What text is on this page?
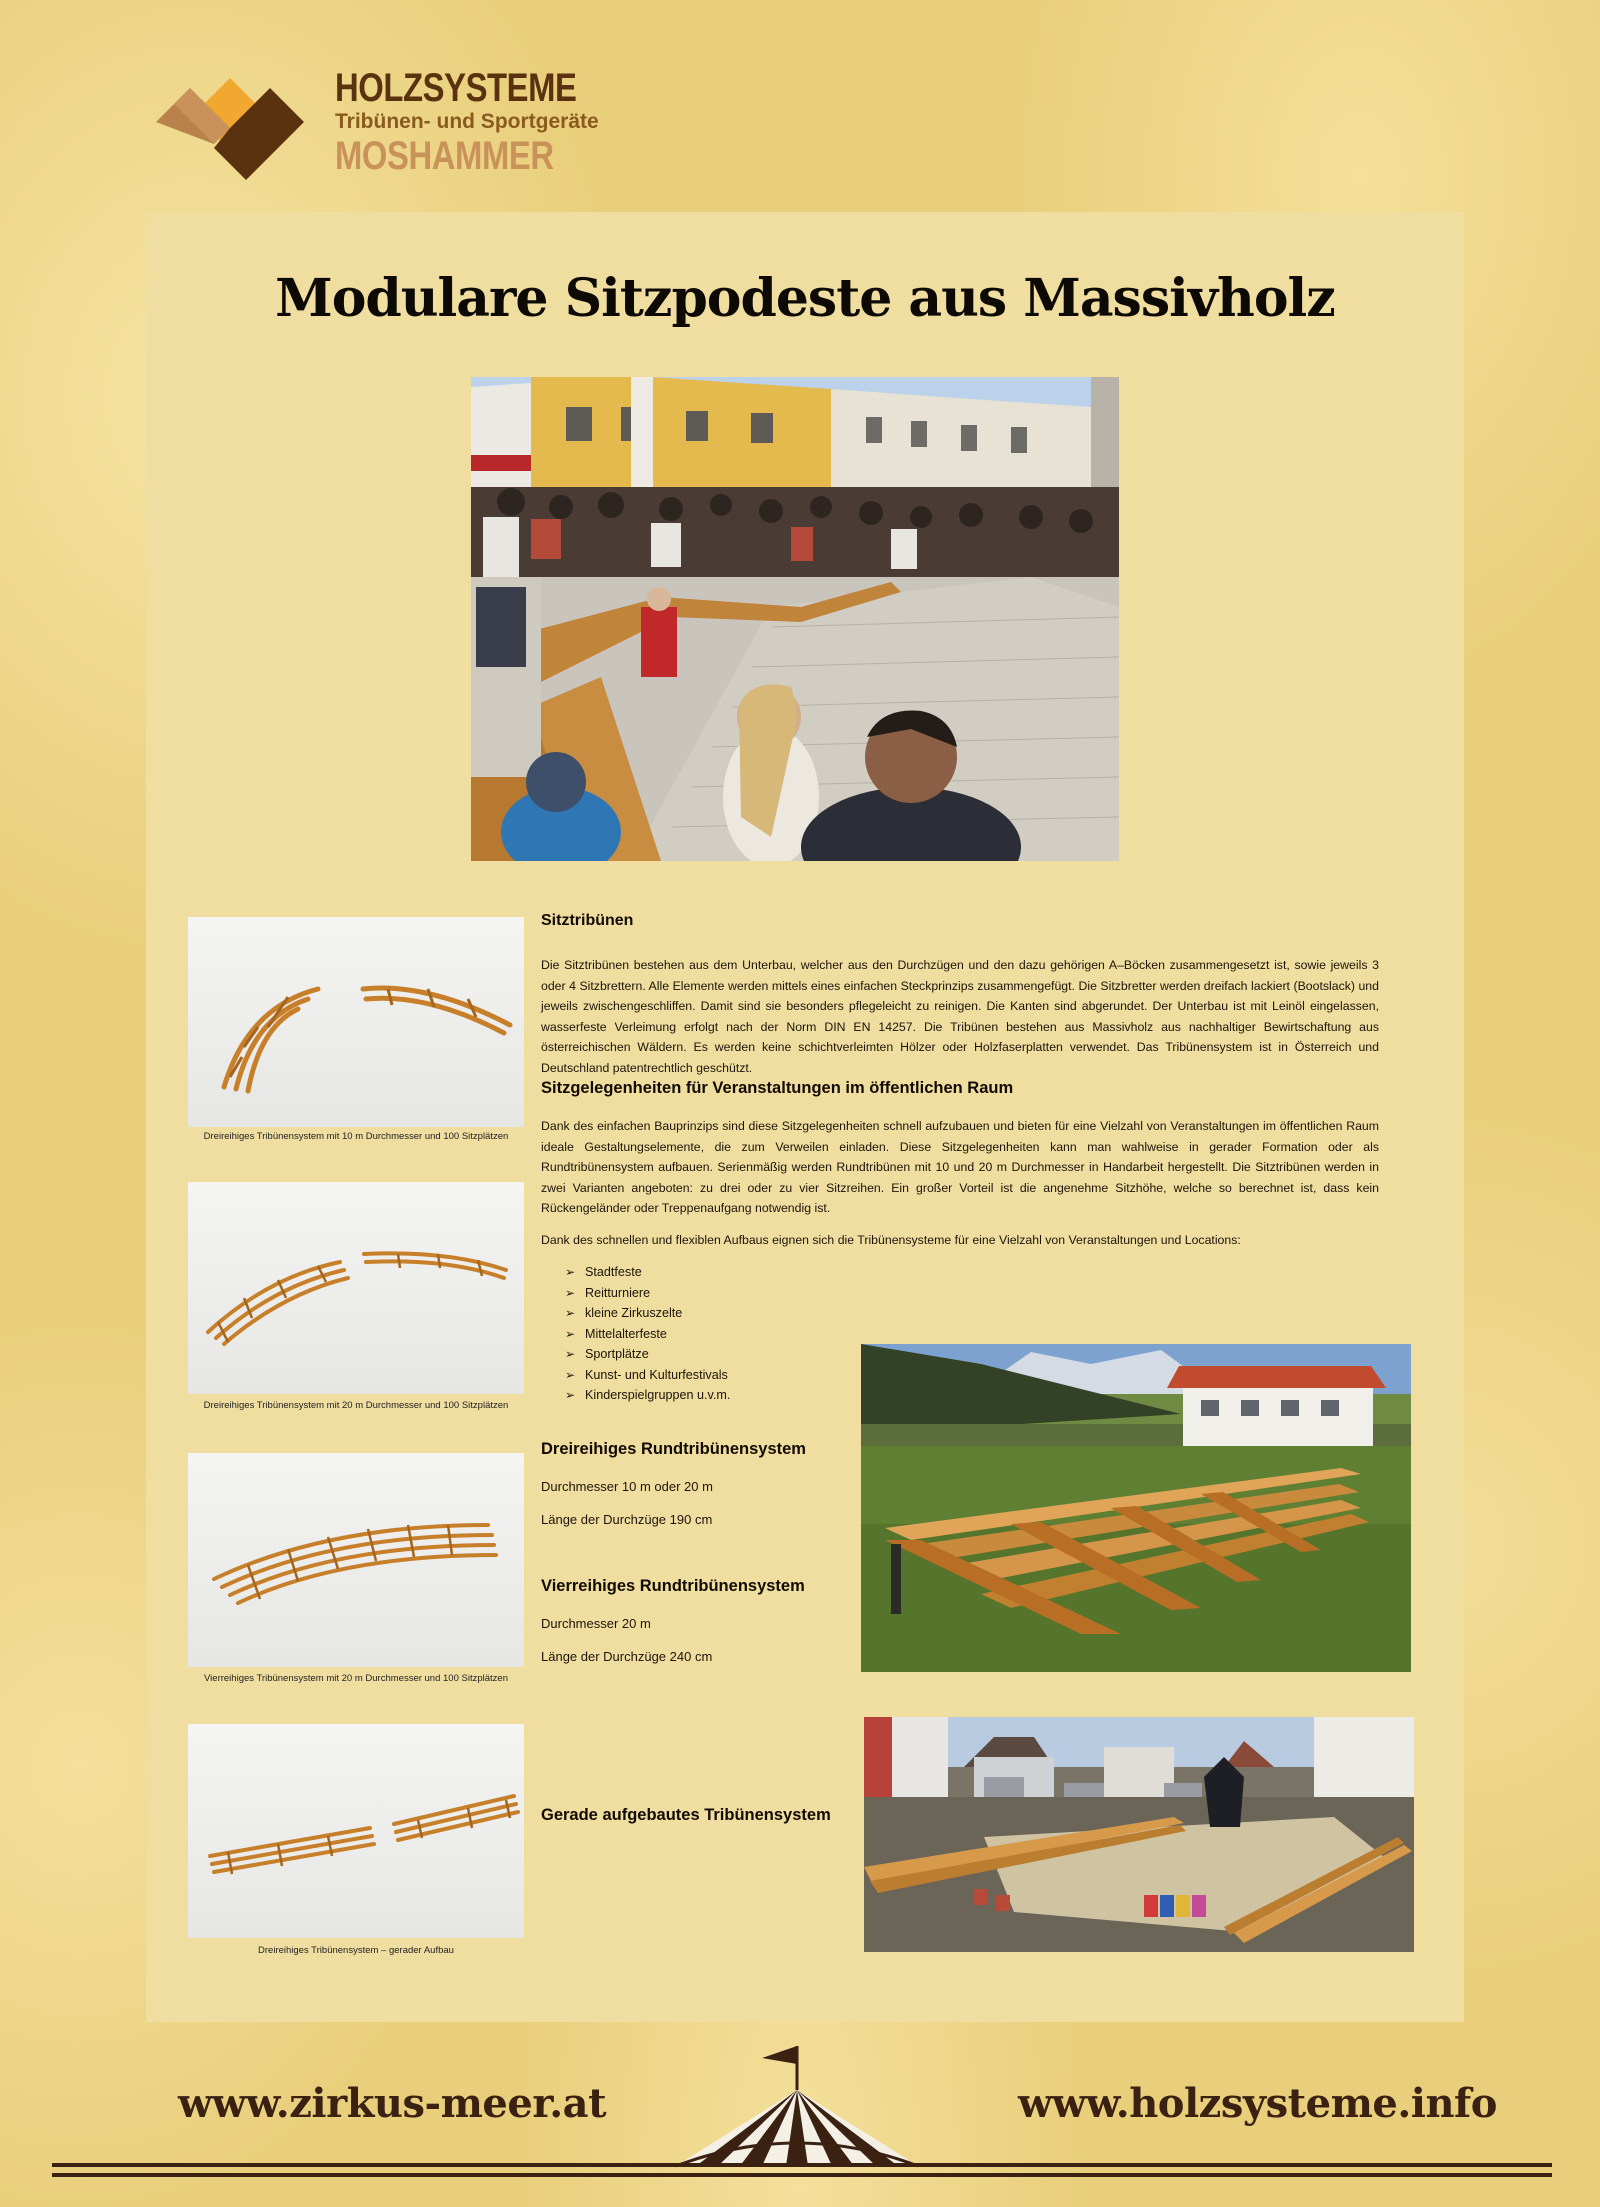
HOLZSYSTEME
Tribünen- und Sportgeräte
MOSHAMMER
Modulare Sitzpodeste aus Massivholz
Dreireihiges Tribünensystem mit 10 m Durchmesser und 100 Sitzplätzen
Dreireihiges Tribünensystem mit 20 m Durchmesser und 100 Sitzplätzen
Vierreihiges Tribünensystem mit 20 m Durchmesser und 100 Sitzplätzen
Dreireihiges Tribünensystem – gerader Aufbau
Sitztribünen
Die Sitztribünen bestehen aus dem Unterbau, welcher aus den Durchzügen und den dazu gehörigen A–Böcken zusammengesetzt ist, sowie jeweils 3 oder 4 Sitzbrettern. Alle Elemente werden mittels eines einfachen Steckprinzips zusammengefügt. Die Sitzbretter werden dreifach lackiert (Bootslack) und jeweils zwischengeschliffen. Damit sind sie besonders pflegeleicht zu reinigen. Die Kanten sind abgerundet. Der Unterbau ist mit Leinöl eingelassen, wasserfeste Verleimung erfolgt nach der Norm DIN EN 14257. Die Tribünen bestehen aus Massivholz aus nachhaltiger Bewirtschaftung aus österreichischen Wäldern. Es werden keine schichtverleimten Hölzer oder Holzfaserplatten verwendet. Das Tribünensystem ist in Österreich und Deutschland patentrechtlich geschützt.
Sitzgelegenheiten für Veranstaltungen im öffentlichen Raum
Dank des einfachen Bauprinzips sind diese Sitzgelegenheiten schnell aufzubauen und bieten für eine Vielzahl von Veranstaltungen im öffentlichen Raum ideale Gestaltungselemente, die zum Verweilen einladen. Diese Sitzgelegenheiten kann man wahlweise in gerader Formation oder als Rundtribünensystem aufbauen. Serienmäßig werden Rundtribünen mit 10 und 20 m Durchmesser in Handarbeit hergestellt. Die Sitztribünen werden in zwei Varianten angeboten: zu drei oder zu vier Sitzreihen. Ein großer Vorteil ist die angenehme Sitzhöhe, welche so berechnet ist, dass kein Rückengeländer oder Treppenaufgang notwendig ist.
Dank des schnellen und flexiblen Aufbaus eignen sich die Tribünensysteme für eine Vielzahl von Veranstaltungen und Locations:
➢ Stadtfeste
➢ Reitturniere
➢ kleine Zirkuszelte
➢ Mittelalterfeste
➢ Sportplätze
➢ Kunst- und Kulturfestivals
➢ Kinderspielgruppen u.v.m.
Dreireihiges Rundtribünensystem
Durchmesser 10 m oder 20 m
Länge der Durchzüge 190 cm
Vierreihiges Rundtribünensystem
Durchmesser 20 m
Länge der Durchzüge 240 cm
Gerade aufgebautes Tribünensystem
www.zirkus-meer.at	www.holzsysteme.info
